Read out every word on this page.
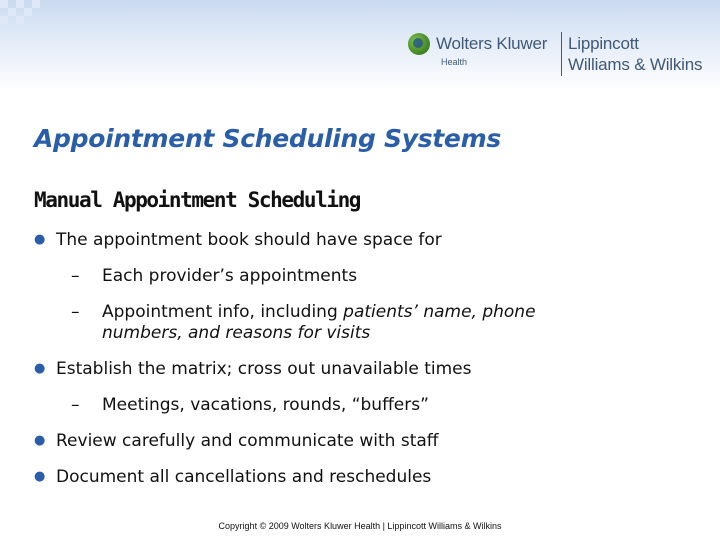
Wolters Kluwer
Health
Lippincott
Williams & Wilkins
Appointment Scheduling Systems
Manual Appointment Scheduling
● The appointment book should have space for
– Each provider’s appointments
– Appointment info, including patients’ name, phone
numbers, and reasons for visits
● Establish the matrix; cross out unavailable times
– Meetings, vacations, rounds, “buffers”
● Review carefully and communicate with staff
● Document all cancellations and reschedules
Copyright © 2009 Wolters Kluwer Health | Lippincott Williams & Wilkins
